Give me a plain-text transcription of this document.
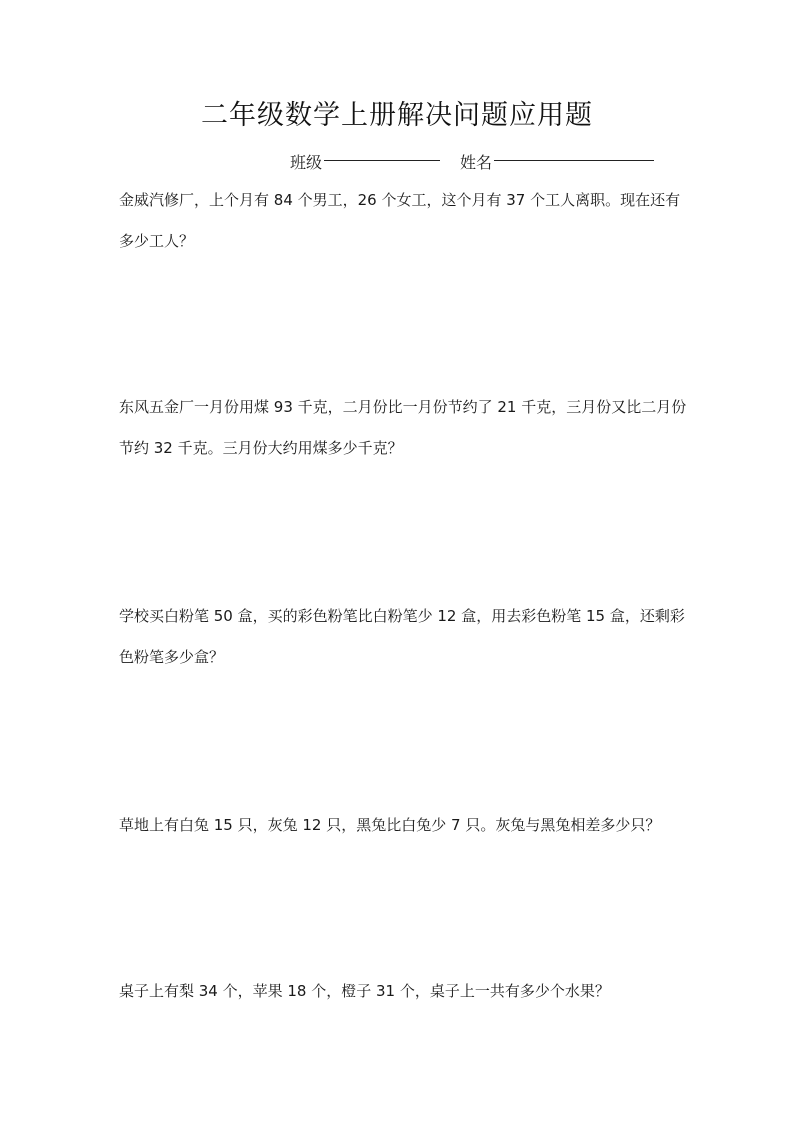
二年级数学上册解决问题应用题
班级	姓名

金威汽修厂，上个月有 84 个男工，26 个女工，这个月有 37 个工人离职。现在还有多少工人？

东风五金厂一月份用煤 93 千克，二月份比一月份节约了 21 千克，三月份又比二月份节约 32 千克。三月份大约用煤多少千克？

学校买白粉笔 50 盒，买的彩色粉笔比白粉笔少 12 盒，用去彩色粉笔 15 盒，还剩彩色粉笔多少盒？

草地上有白兔 15 只，灰兔 12 只，黑兔比白兔少 7 只。灰兔与黑兔相差多少只？

桌子上有梨 34 个，苹果 18 个，橙子 31 个，桌子上一共有多少个水果？
